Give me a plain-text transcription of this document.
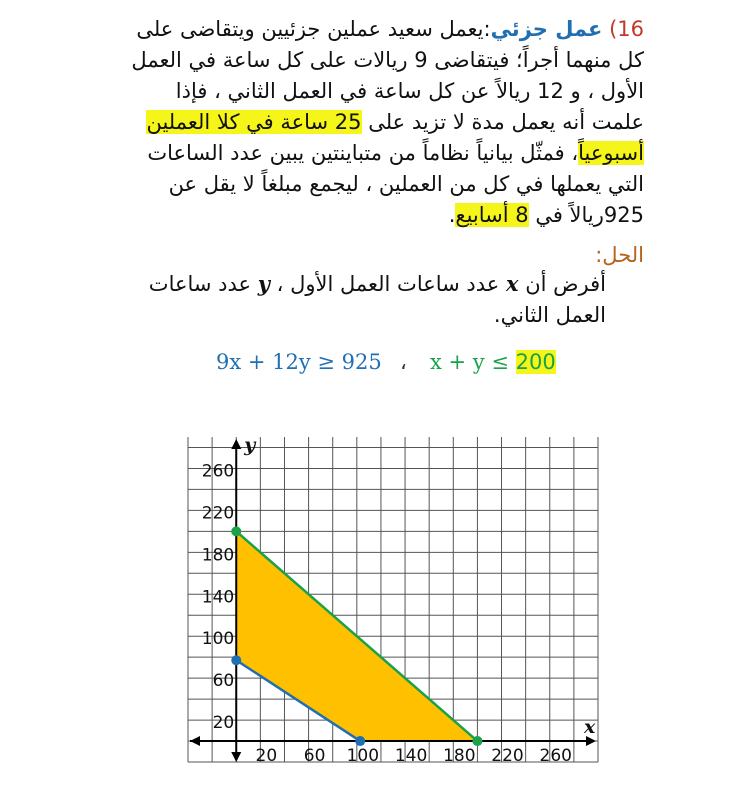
16) عمل جزئي:يعمل سعيد عملين جزئيين ويتقاضى على كل منهما أجراً؛ فيتقاضى 9 ريالات على كل ساعة في العمل الأول ، و 12 ريالاً عن كل ساعة في العمل الثاني ، فإذا علمت أنه يعمل مدة لا تزيد على 25 ساعة في كلا العملين أسبوعياً، فمثّل بيانياً نظاماً من متباينتين يبين عدد الساعات التي يعملها في كل من العملين ، ليجمع مبلغاً لا يقل عن 925ريالاً في 8 أسابيع.
الحل:
أفرض أن x عدد ساعات العمل الأول ، y عدد ساعات العمل الثاني.
9x + 12y ≥ 925 ، x + y ≤ 200
20 60 100 140 180 220 260
20
60
100
140
180
220
260
x
y
